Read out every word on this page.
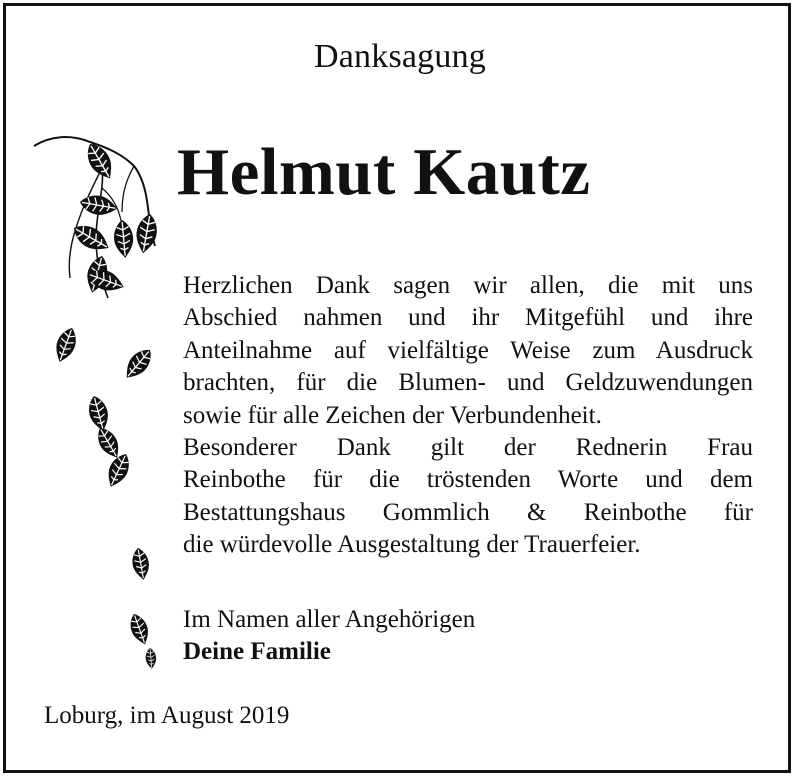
Danksagung
Helmut Kautz
Herzlichen Dank sagen wir allen, die mit uns
Abschied nahmen und ihr Mitgefühl und ihre
Anteilnahme auf vielfältige Weise zum Ausdruck
brachten, für die Blumen- und Geldzuwendungen
sowie für alle Zeichen der Verbundenheit.
Besonderer Dank gilt der Rednerin Frau
Reinbothe für die tröstenden Worte und dem
Bestattungshaus Gommlich & Reinbothe für
die würdevolle Ausgestaltung der Trauerfeier.
Im Namen aller Angehörigen
Deine Familie
Loburg, im August 2019
